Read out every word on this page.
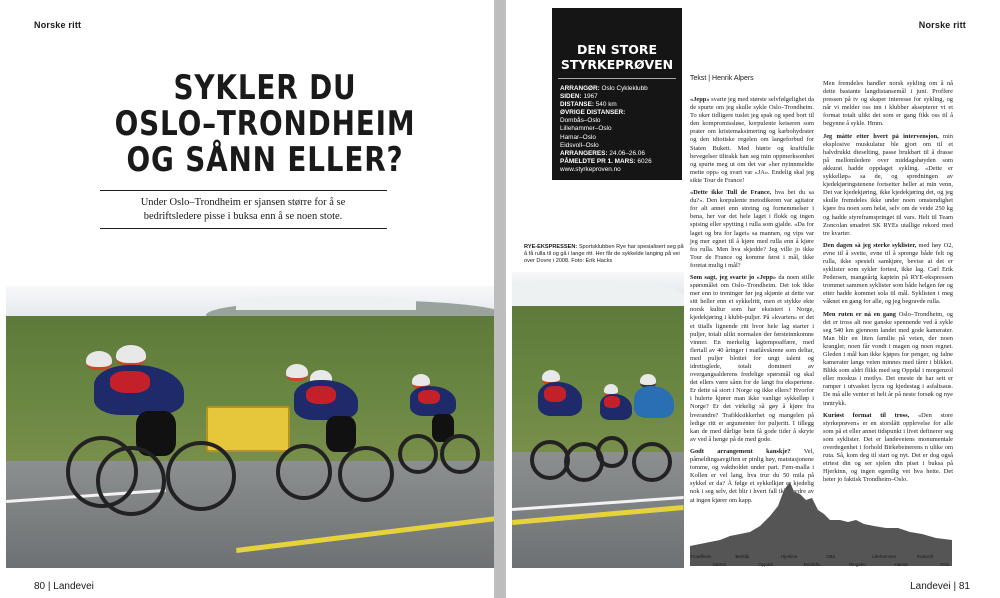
Norske ritt
SYKLER DU
OSLO–TRONDHEIM
OG SÅNN ELLER?
Under Oslo–Trondheim er sjansen større for å se bedriftsledere pisse i buksa enn å se noen stote.
80 | Landevei
Norske ritt
DEN STORE
STYRKEPRØVEN
ARRANGØR: Oslo Cykleklubb
SIDEN: 1967
DISTANSE: 540 km
ØVRIGE DISTANSER:
Dombås–Oslo
Lillehammer–Oslo
Hamar–Oslo
Eidsvoll–Oslo
ARRANGERES: 24.06–26.06
PÅMELDTE PR 1. MARS: 6026
www.styrkeproven.no
Tekst | Henrik Alpers
RYE-EKSPRESSEN: Sportsklubben Rye har spesialisert seg på å få rulla til og gå i lange ritt. Her får de sykkelde langing på vei over Dovre i 2008. Foto: Erik Hacks

«Jepp» svarte jeg med største selvfølgelighet da de spurte om jeg skulle sykle Oslo–Trondheim. To uker tidligere tuslet jeg spak og sped bort til den kompromissløse, korpulente keiseren som prater om kristemaksimering og karbohydrater og den idiotiske regelen om langeforbud for Staten Bukett. Med hiørte og kraftfulle bevegelser tiltrakk han seg min oppmerksomhet og spurte meg ut om det var «her nyinnmeldte mette opp» og svart var «JA». Endelig skal jeg sikte Tour de France!

«Dette ikke Tull de France, hva bet du sa du?». Den korpulente metodikeren var agitator for alt annet enn streing og fornemmelser i bena, her var det hele laget i flokk og ingen spising eller spytting i rulla som gjalde. «Da for laget og bra for laget» sa mannen, og vips var jeg mer egnet til å kjøre med rulla enn å kjøre fra rulla. Men hva skjedde? Jeg ville jo ikke Tour de France og komme først i mål, ikke foretat mulig i mål?

Som sagt, jeg svarte jo «Jepp» da noen stille spørsmålet om Oslo–Trondheim. Det tok ikke mer enn to treninger før jeg skjønte at dette var sitt heller enn et sykkelritt, men et stykke ekte norsk kultur som har eksistert i Norge, kjedekjøring i klubb-puljer. På «kvarten» er det et titalls lignende ritt hvor hele lag starter i puljer, totalt ulikt normalen der førsteinnkomne vinner. En merkelig lagtempoaffære, med flertall av 40 åringer i matlåvskrene som deltar, med puljer blottet for ungt talent og idrettsglede, totalt dominert av overgangsalderens fredelige spørsmål og skal det ellers være sånn for de langt fra ekspertene. Er dette så stort i Norge og ikke ellers? Hvorfor i hulerte kjører man ikke vanlige sykkelløp i Norge? Er det virkelig så gøy å kjøre fra hverandre? Trafikksikkerhet og mangelen på ledige ritt er argumenter for puljeritt. I tillegg kan de med dårlige bein få gode tider å skryte av ved å henge på de med gode.

Godt arrangement kanskje? Vel, påmeldingsavgiften er pinlig høy, matstasjonene tomme, og vaktholdet under part. Fem-malla i Kollen er vel lang, hva trur du 50 mila på sykkel er da? Å følge et sykkelkjør er kjedelig nok i seg selv, det blir i hvert fall ikke bedre av at ingen kjører om kapp.

Men fremdeles handler norsk sykling om å nå dette bastante langdistansemål i juni. Proffere pressen på tv og skaper interesse for sykling, og når vi melder oss inn i klubber aksepterer vi et format totalt ulikt det som er gang fikk oss til å begynne å sykle. Hmm.

Jeg måtte etter hvert på intervensjon, min eksplosive muskulatur ble gjort om til et halvdrukkt dieselting, passe brukbart til å drasse på mellomledere over middagshøyden som akkurat hadde oppdaget sykling. «Dette er sykkelløp» sa de, og spredningen av kjedekjøringstenene fortsetter heller at min venn, Det var kjedekjøring, ikke kjedekjøring det, og jeg skulle fremdeles ikke under noen omstendighet kjøre fra noen som helst, selv om de veide 250 kg og hadde styreframspringet til vars. Helt til Team Zoncolan smadret SK RYEs utallige rekord med tre kvarter.

Den dagen så jeg sterke syklister, med høy O2, evne til å svette, evne til å sprenge både felt og rulla, ikke spesielt samkjøre, bevise at det er syklister som sykler fortest, ikke lag. Carl Erik Pedersen, mangeårig kaptein på RYE-ekspressen trommet sammen syklister som både helgen før og etter hadde kommet sola til mål. Syklisten i meg våknet en gang for alle, og jeg begravde rulla.

Men ruten er nå en gang Oslo–Trondheim, og det er tross alt noe ganske spennende ved å sykle seg 540 km gjennom landet med gode kamerater. Man blir en liten familie på veien, der noen krangler, noen får vondt i magen og noen regnet. Gleden i mål kan ikke kjøpes for penger, og falne kamerater langs veien minnes med tårer i blikket. Blikk som aldri flikk med seg Oppdal i morgenzol eller moskus i motlys. Det eneste de har sett er ramper i utvasket lycra og kjedestag i asfaltsaus. De må alle venter et helt år på neste forsøk og nye inntrykk.

Kuriøst format til tross, «Den store styrkeprøven» er en storslått opplevelse for alle som på et eller annet tidspunkt i livet definerer seg som syklister. Det er landeveiens monumentale overdegenhet i forhold Birkebeinerens n ulike om ruta. Så, kom deg til start og nyt. Det er dog også eirtest din og ser sjelen din piset i buksa på Hjerkinn, og ingen egentlig vet hva hette. Det heter jo faktisk Trondheim–Oslo.

Trondheim
Støren
Berkåk
Oppdal
Hjerkinn
Dombås
Otta
Ringebu
Lillehammer
Hamar
Eidsvoll
Oslo
Landevei | 81
